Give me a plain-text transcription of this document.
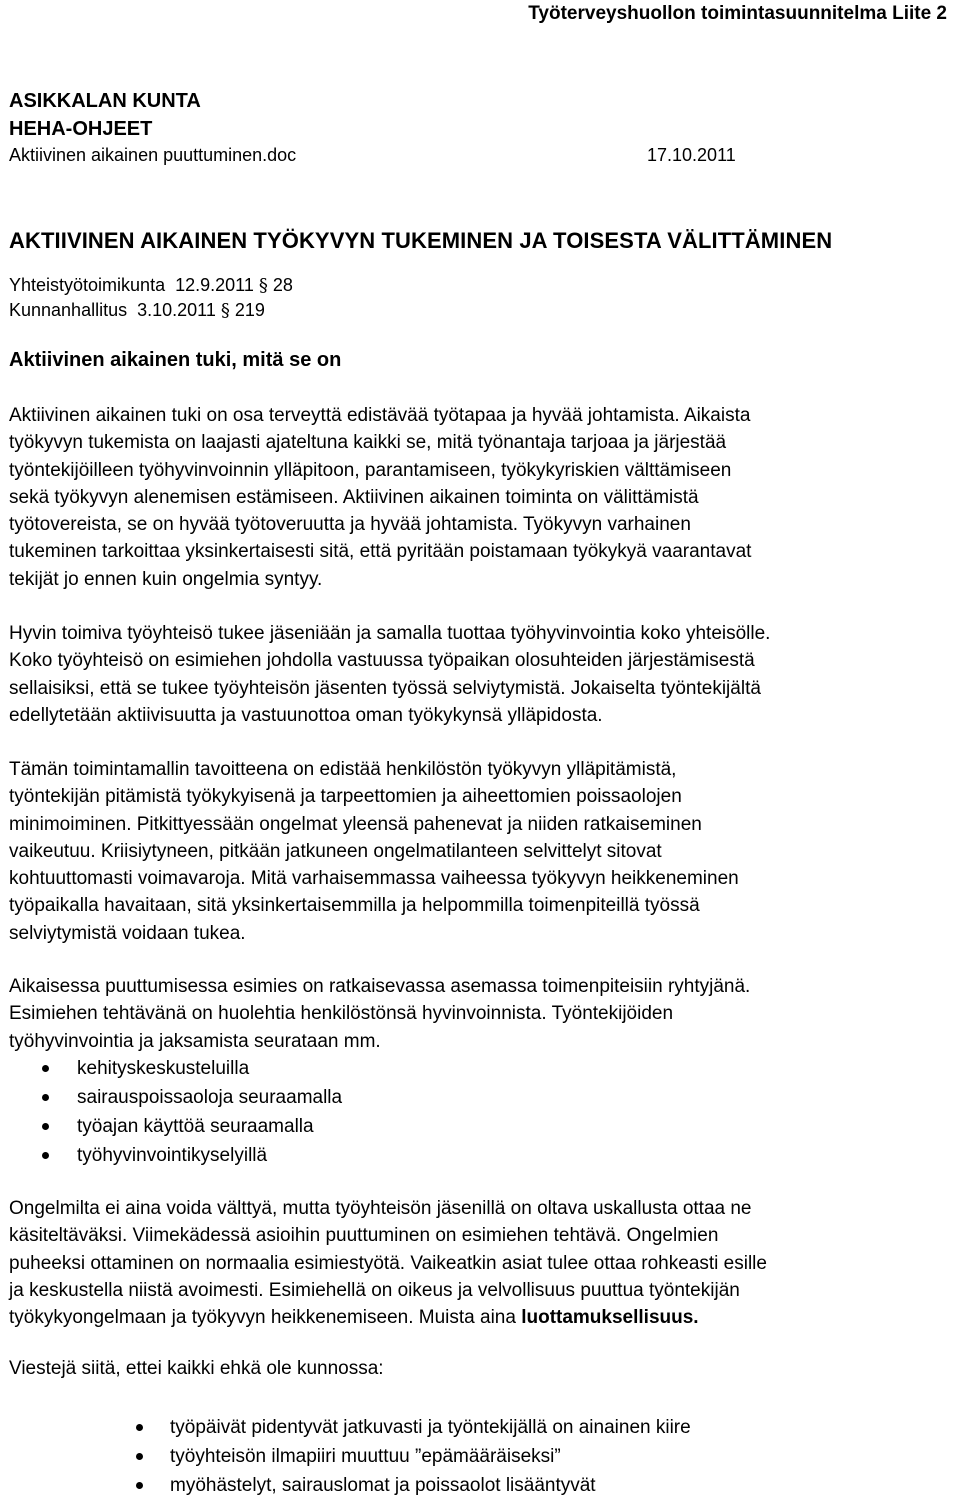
Työterveyshuollon toimintasuunnitelma Liite 2
ASIKKALAN KUNTA
HEHA-OHJEET
Aktiivinen aikainen puuttuminen.doc	17.10.2011
AKTIIVINEN AIKAINEN TYÖKYVYN TUKEMINEN JA TOISESTA VÄLITTÄMINEN
Yhteistyötoimikunta 12.9.2011 § 28
Kunnanhallitus 3.10.2011 § 219
Aktiivinen aikainen tuki, mitä se on
Aktiivinen aikainen tuki on osa terveyttä edistävää työtapaa ja hyvää johtamista. Aikaista
työkyvyn tukemista on laajasti ajateltuna kaikki se, mitä työnantaja tarjoaa ja järjestää
työntekijöilleen työhyvinvoinnin ylläpitoon, parantamiseen, työkykyriskien välttämiseen
sekä työkyvyn alenemisen estämiseen. Aktiivinen aikainen toiminta on välittämistä
työtovereista, se on hyvää työtoveruutta ja hyvää johtamista. Työkyvyn varhainen
tukeminen tarkoittaa yksinkertaisesti sitä, että pyritään poistamaan työkykyä vaarantavat
tekijät jo ennen kuin ongelmia syntyy.
Hyvin toimiva työyhteisö tukee jäseniään ja samalla tuottaa työhyvinvointia koko yhteisölle.
Koko työyhteisö on esimiehen johdolla vastuussa työpaikan olosuhteiden järjestämisestä
sellaisiksi, että se tukee työyhteisön jäsenten työssä selviytymistä. Jokaiselta työntekijältä
edellytetään aktiivisuutta ja vastuunottoa oman työkykynsä ylläpidosta.
Tämän toimintamallin tavoitteena on edistää henkilöstön työkyvyn ylläpitämistä,
työntekijän pitämistä työkykyisenä ja tarpeettomien ja aiheettomien poissaolojen
minimoiminen. Pitkittyessään ongelmat yleensä pahenevat ja niiden ratkaiseminen
vaikeutuu. Kriisiytyneen, pitkään jatkuneen ongelmatilanteen selvittelyt sitovat
kohtuuttomasti voimavaroja. Mitä varhaisemmassa vaiheessa työkyvyn heikkeneminen
työpaikalla havaitaan, sitä yksinkertaisemmilla ja helpommilla toimenpiteillä työssä
selviytymistä voidaan tukea.
Aikaisessa puuttumisessa esimies on ratkaisevassa asemassa toimenpiteisiin ryhtyjänä.
Esimiehen tehtävänä on huolehtia henkilöstönsä hyvinvoinnista. Työntekijöiden
työhyvinvointia ja jaksamista seurataan mm.
kehityskeskusteluilla
sairauspoissaoloja seuraamalla
työajan käyttöä seuraamalla
työhyvinvointikyselyillä
Ongelmilta ei aina voida välttyä, mutta työyhteisön jäsenillä on oltava uskallusta ottaa ne
käsiteltäväksi. Viimekädessä asioihin puuttuminen on esimiehen tehtävä. Ongelmien
puheeksi ottaminen on normaalia esimiestyötä. Vaikeatkin asiat tulee ottaa rohkeasti esille
ja keskustella niistä avoimesti. Esimiehellä on oikeus ja velvollisuus puuttua työntekijän
työkykyongelmaan ja työkyvyn heikkenemiseen. Muista aina luottamuksellisuus.
Viestejä siitä, ettei kaikki ehkä ole kunnossa:
työpäivät pidentyvät jatkuvasti ja työntekijällä on ainainen kiire
työyhteisön ilmapiiri muuttuu ”epämääräiseksi”
myöhästelyt, sairauslomat ja poissaolot lisääntyvät
